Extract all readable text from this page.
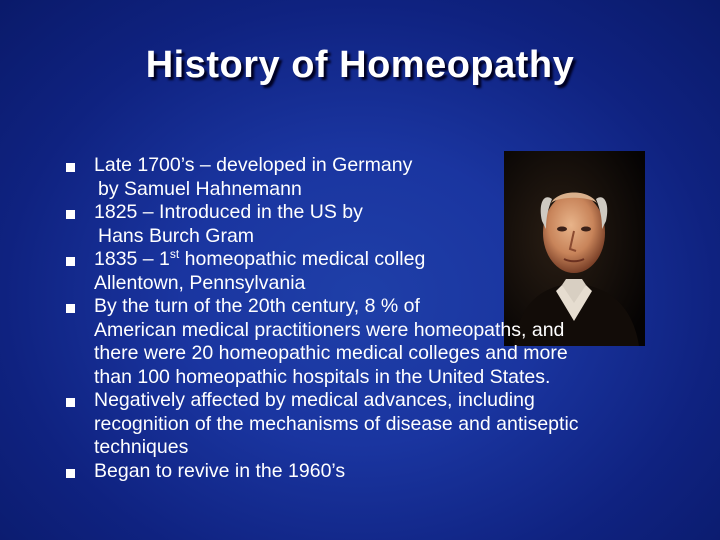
History of Homeopathy
Late 1700’s – developed in Germany
by Samuel Hahnemann
1825 – Introduced in the US by
Hans Burch Gram
1835 – 1st homeopathic medical colleg
Allentown, Pennsylvania
By the turn of the 20th century, 8 % of
American medical practitioners were homeopaths, and
there were 20 homeopathic medical colleges and more
than 100 homeopathic hospitals in the United States.
Negatively affected by medical advances, including
recognition of the mechanisms of disease and antiseptic
techniques
Began to revive in the 1960’s
